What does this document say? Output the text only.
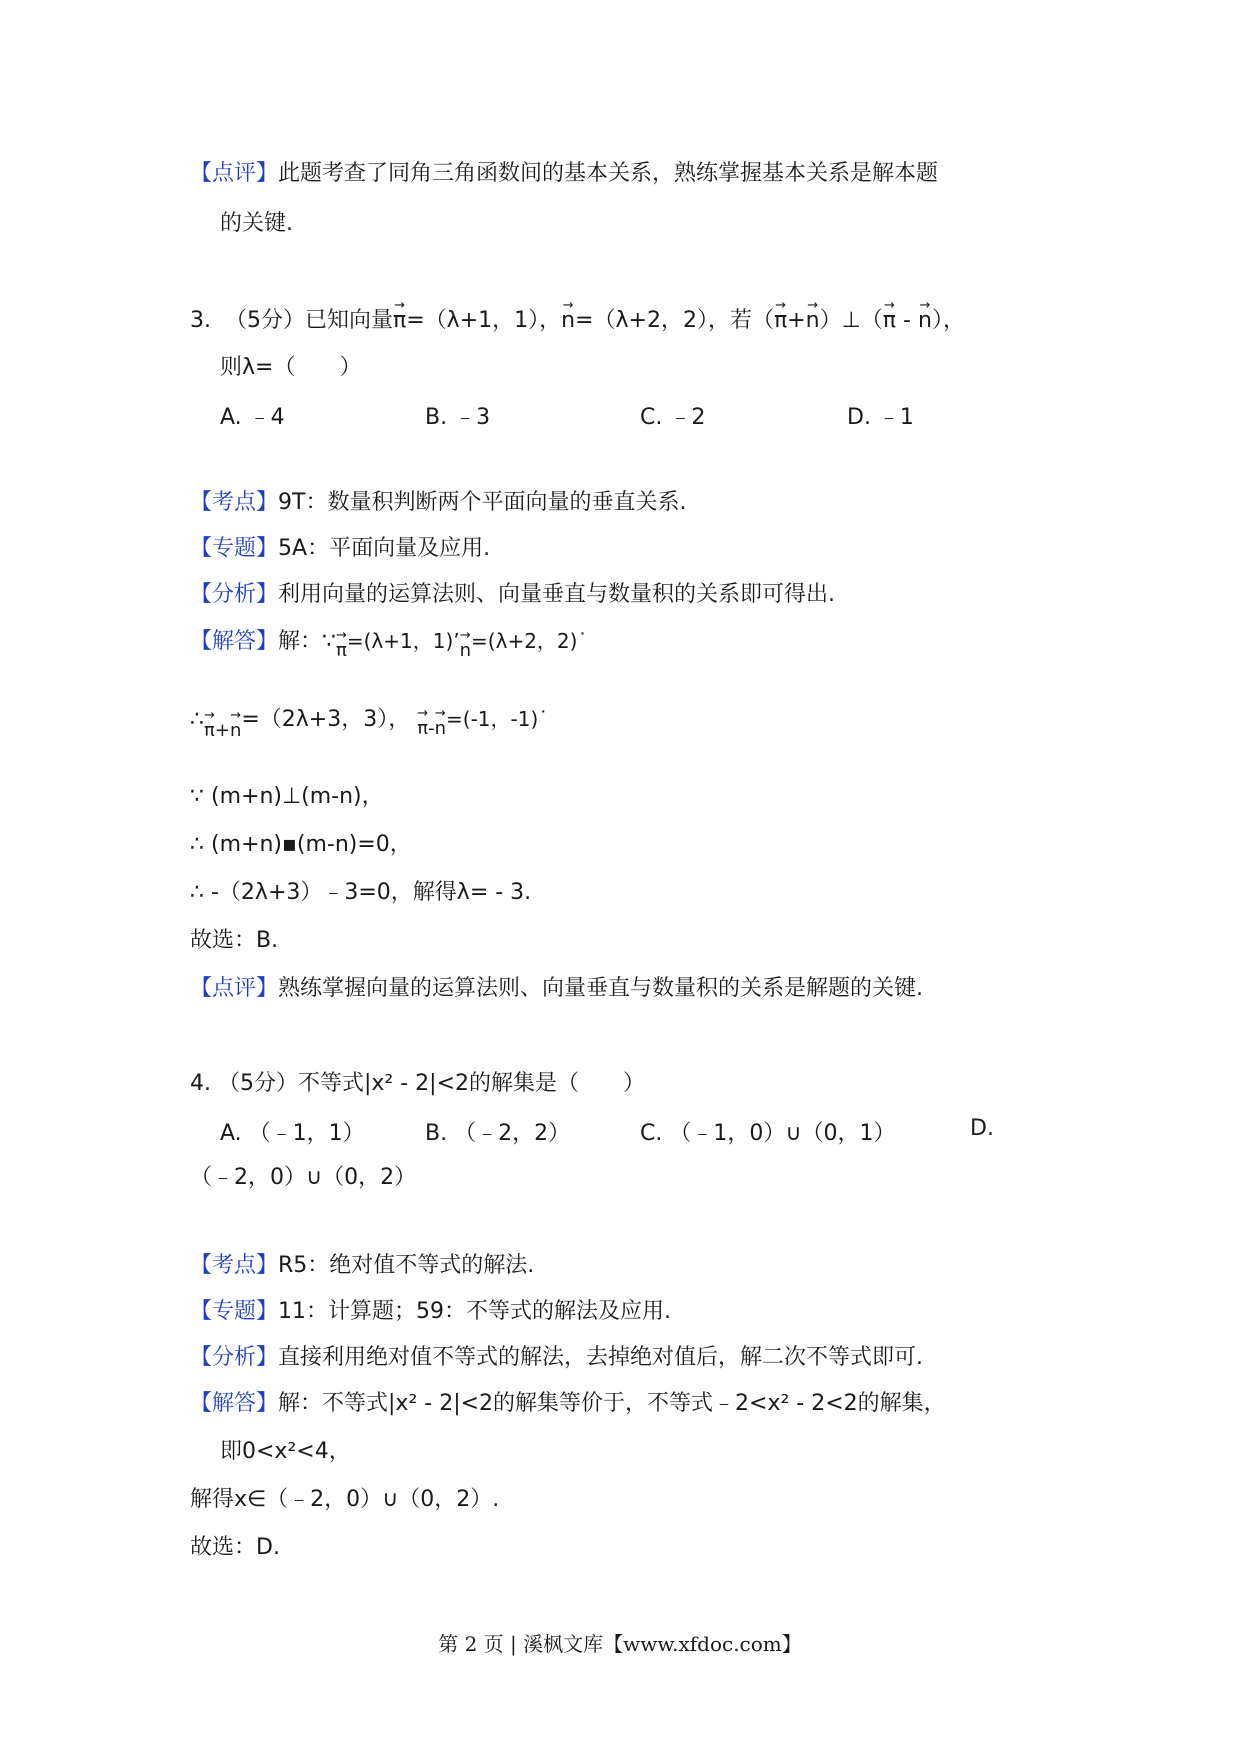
【点评】此题考查了同角三角函数间的基本关系，熟练掌握基本关系是解本题
的关键.
3. （5分）已知向量→ π=（λ+1，1），→ n=（λ+2，2），若（→ π+→ n）⊥（→ π - → n），
则λ=（　　）
A. ﹣4	B. ﹣3	C. ﹣2	D. ﹣1
【考点】9T：数量积判断两个平面向量的垂直关系.
【专题】5A：平面向量及应用.
【分析】利用向量的运算法则、向量垂直与数量积的关系即可得出.
【解答】解：∵→ π=(λ+1，1)’→ n=(λ+2，2)˙
∴→ $\pi_+\to n=(2\lambda+3$，3）， → $\pi_-\to n=(-1$，-1)˙
∵ (m+n)⊥(m-n)，
∴ (m+n)▪(m-n)=0，
∴ -（2λ+3）﹣3=0，解得λ= - 3.
故选：B.
【点评】熟练掌握向量的运算法则、向量垂直与数量积的关系是解题的关键.
4. （5分）不等式|x² - 2|<2的解集是（　　）
A. （﹣1，1）	B. （﹣2，2）	C. （﹣1，0）∪（0，1）	D.
（﹣2，0）∪（0，2）
【考点】R5：绝对值不等式的解法.
【专题】11：计算题；59：不等式的解法及应用.
【分析】直接利用绝对值不等式的解法，去掉绝对值后，解二次不等式即可.
【解答】解：不等式|x² - 2|<2的解集等价于，不等式﹣2<x² - 2<2的解集，
即0<x²<4，
解得x∈（﹣2，0）∪（0，2）.
故选：D.
第 2 页 | 溪枫文库【www.xfdoc.com】
